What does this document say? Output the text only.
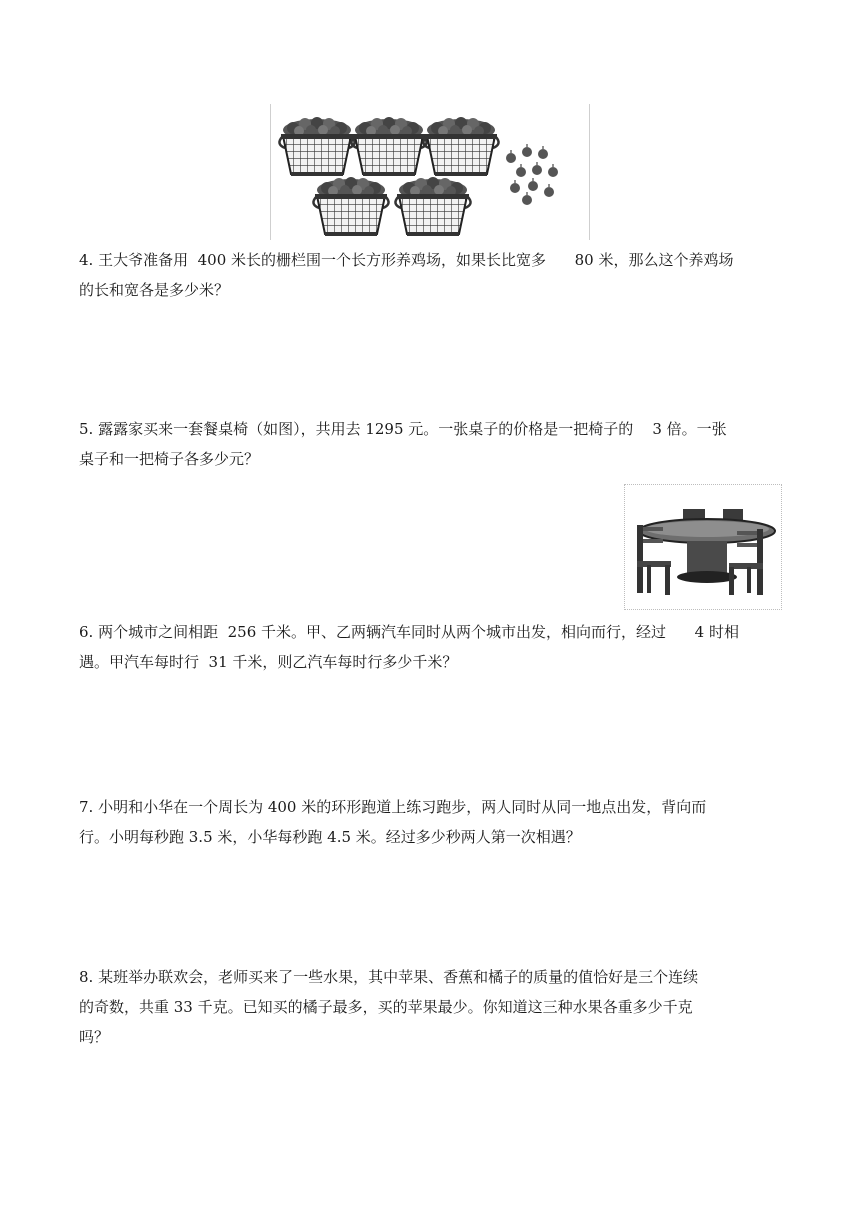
4. 王大爷准备用  400 米长的栅栏围一个长方形养鸡场，如果长比宽多      80 米，那么这个养鸡场
的长和宽各是多少米？
5. 露露家买来一套餐桌椅（如图），共用去 1295 元。一张桌子的价格是一把椅子的    3 倍。一张
桌子和一把椅子各多少元？
6. 两个城市之间相距  256 千米。甲、乙两辆汽车同时从两个城市出发，相向而行，经过      4 时相
遇。甲汽车每时行  31 千米，则乙汽车每时行多少千米？
7. 小明和小华在一个周长为 400 米的环形跑道上练习跑步，两人同时从同一地点出发，背向而
行。小明每秒跑 3.5 米，小华每秒跑 4.5 米。经过多少秒两人第一次相遇？
8. 某班举办联欢会，老师买来了一些水果，其中苹果、香蕉和橘子的质量的值恰好是三个连续
的奇数，共重 33 千克。已知买的橘子最多，买的苹果最少。你知道这三种水果各重多少千克
吗？
